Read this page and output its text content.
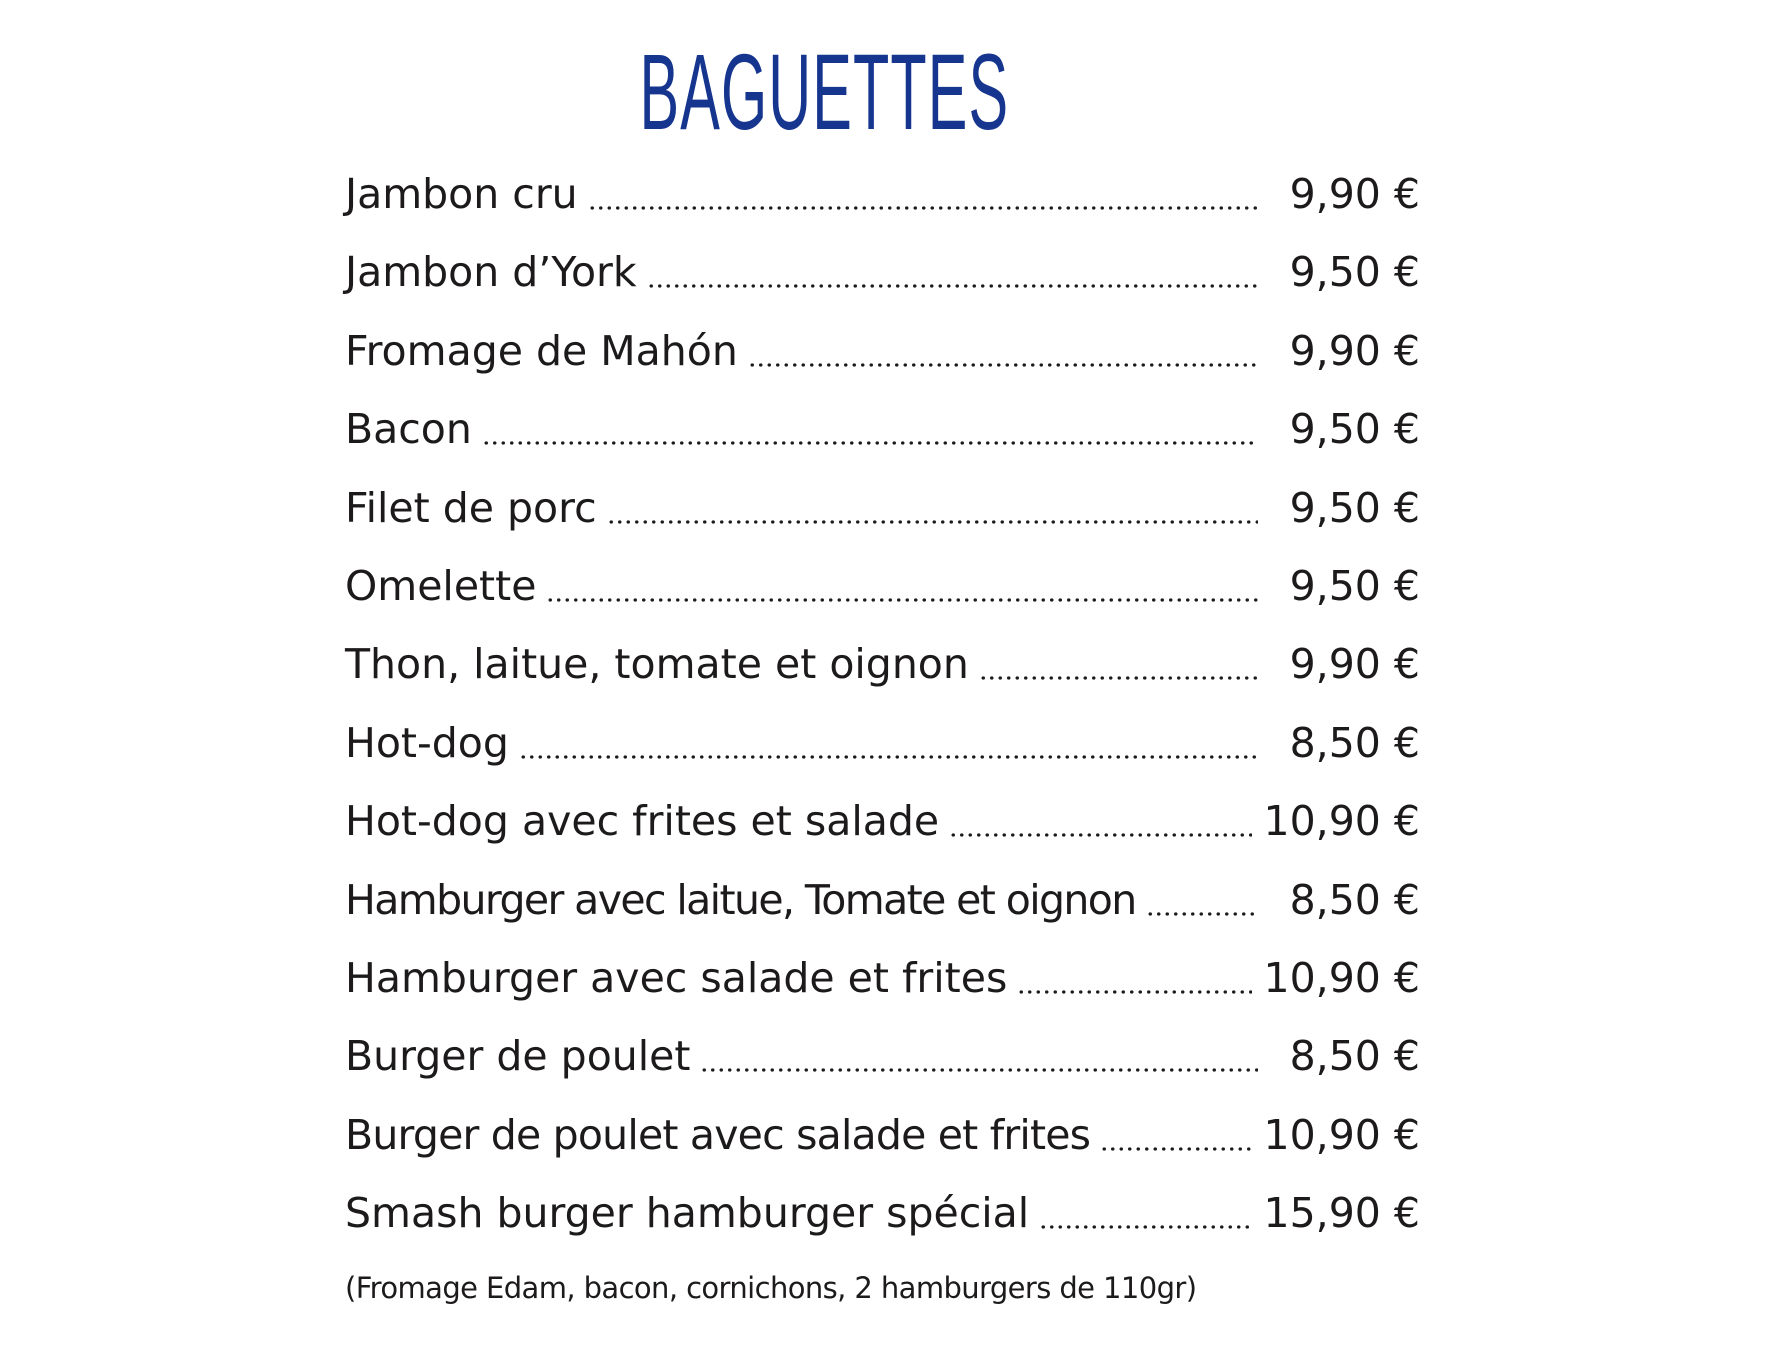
BAGUETTES
Jambon cru	9,90 €
Jambon d’York	9,50 €
Fromage de Mahón	9,90 €
Bacon	9,50 €
Filet de porc	9,50 €
Omelette	9,50 €
Thon, laitue, tomate et oignon	9,90 €
Hot-dog	8,50 €
Hot-dog avec frites et salade	10,90 €
Hamburger avec laitue, Tomate et oignon	8,50 €
Hamburger avec salade et frites	10,90 €
Burger de poulet	8,50 €
Burger de poulet avec salade et frites	10,90 €
Smash burger hamburger spécial	15,90 €
(Fromage Edam, bacon, cornichons, 2 hamburgers de 110gr)
